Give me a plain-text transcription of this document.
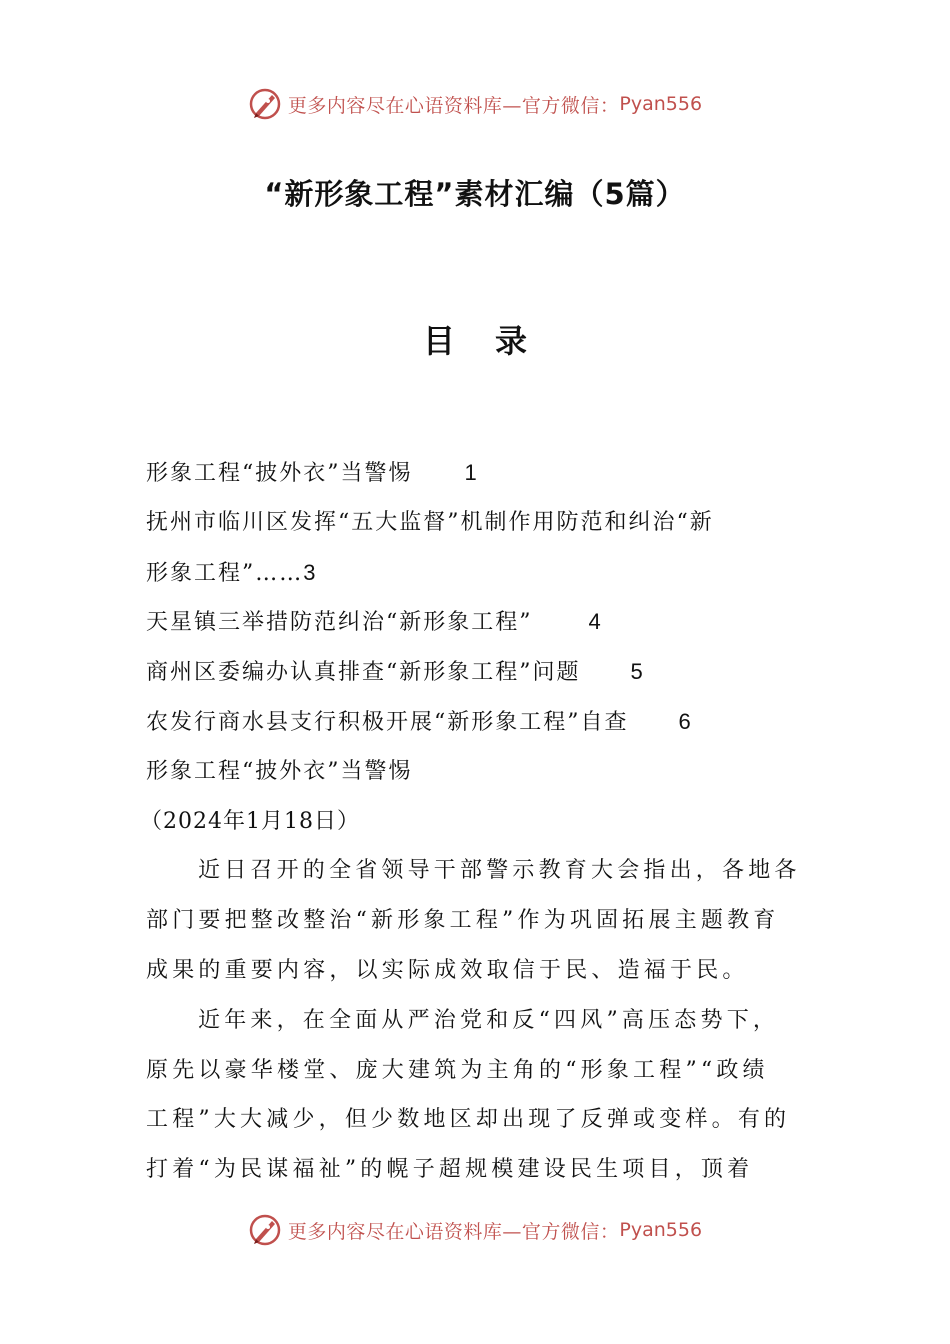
更多内容尽在心语资料库—官方微信： Pyan556
“新形象工程”素材汇编（5篇）
目 录
形象工程“披外衣”当警惕 1
抚州市临川区发挥“五大监督”机制作用防范和纠治“新
形象工程”……3
天星镇三举措防范纠治“新形象工程”	4
商州区委编办认真排查“新形象工程”问题 5
农发行商水县支行积极开展“新形象工程”自查 6
形象工程“披外衣”当警惕
（2024年1月18日）
近日召开的全省领导干部警示教育大会指出，各地各
部门要把整改整治“新形象工程”作为巩固拓展主题教育
成果的重要内容，以实际成效取信于民、造福于民。
近年来，在全面从严治党和反“四风”高压态势下，
原先以豪华楼堂、庞大建筑为主角的“形象工程”“政绩
工程”大大减少，但少数地区却出现了反弹或变样。有的
打着“为民谋福祉”的幌子超规模建设民生项目，顶着
更多内容尽在心语资料库—官方微信： Pyan556
